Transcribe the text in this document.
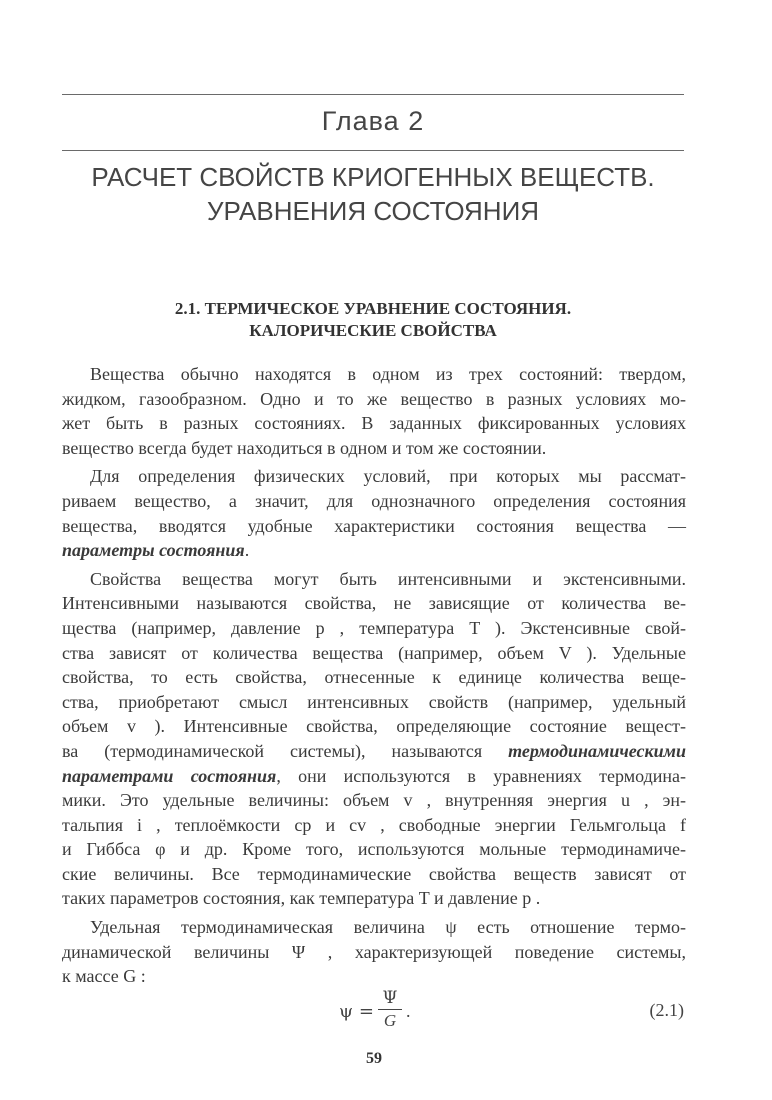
Глава 2
РАСЧЕТ СВОЙСТВ КРИОГЕННЫХ ВЕЩЕСТВ.
УРАВНЕНИЯ СОСТОЯНИЯ
2.1. ТЕРМИЧЕСКОЕ УРАВНЕНИЕ СОСТОЯНИЯ.
КАЛОРИЧЕСКИЕ СВОЙСТВА
Вещества обычно находятся в одном из трех состояний: твердом,
жидком, газообразном. Одно и то же вещество в разных условиях мо-
жет быть в разных состояниях. В заданных фиксированных условиях
вещество всегда будет находиться в одном и том же состоянии.
Для определения физических условий, при которых мы рассмат-
риваем вещество, а значит, для однозначного определения состояния
вещества, вводятся удобные характеристики состояния вещества —
параметры состояния.
Свойства вещества могут быть интенсивными и экстенсивными.
Интенсивными называются свойства, не зависящие от количества ве-
щества (например, давление p , температура T ). Экстенсивные свой-
ства зависят от количества вещества (например, объем V ). Удельные
свойства, то есть свойства, отнесенные к единице количества веще-
ства, приобретают смысл интенсивных свойств (например, удельный
объем v ). Интенсивные свойства, определяющие состояние вещест-
ва (термодинамической системы), называются термодинамическими
параметрами состояния, они используются в уравнениях термодина-
мики. Это удельные величины: объем v , внутренняя энергия u , эн-
тальпия i , теплоёмкости cp и cv , свободные энергии Гельмгольца f
и Гиббса φ и др. Кроме того, используются мольные термодинамиче-
ские величины. Все термодинамические свойства веществ зависят от
таких параметров состояния, как температура T и давление p .
Удельная термодинамическая величина ψ есть отношение термо-
динамической величины Ψ , характеризующей поведение системы,
к массе G :
ψ =
Ψ
G .	(2.1)
59
